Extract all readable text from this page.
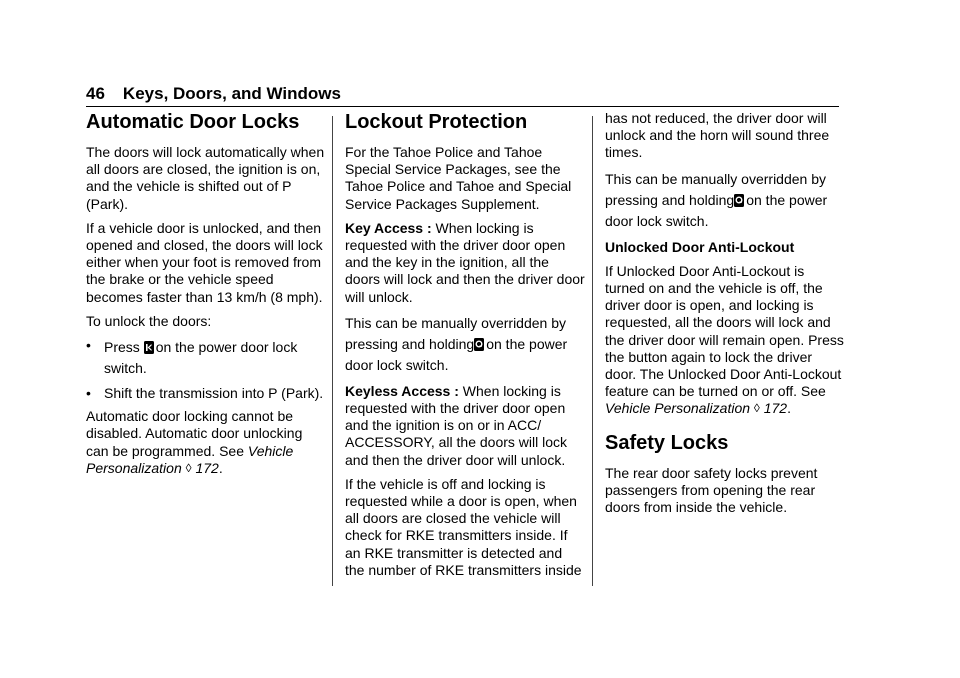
46 Keys, Doors, and Windows
Automatic Door Locks

The doors will lock automatically when all doors are closed, the ignition is on, and the vehicle is shifted out of P (Park).

If a vehicle door is unlocked, and then opened and closed, the doors will lock either when your foot is removed from the brake or the vehicle speed becomes faster than 13 km/h (8 mph).

To unlock the doors:

• Press on the power door lock switch.
• Shift the transmission into P (Park).

Automatic door locking cannot be disabled. Automatic door unlocking can be programmed. See Vehicle Personalization ◊ 172.

Lockout Protection

For the Tahoe Police and Tahoe Special Service Packages, see the Tahoe Police and Tahoe and Special Service Packages Supplement.

Key Access : When locking is requested with the driver door open and the key in the ignition, all the doors will lock and then the driver door will unlock.

This can be manually overridden by pressing and holding on the power door lock switch.

Keyless Access : When locking is requested with the driver door open and the ignition is on or in ACC/ ACCESSORY, all the doors will lock and then the driver door will unlock.

If the vehicle is off and locking is requested while a door is open, when all doors are closed the vehicle will check for RKE transmitters inside. If an RKE transmitter is detected and the number of RKE transmitters inside

has not reduced, the driver door will unlock and the horn will sound three times.

This can be manually overridden by pressing and holding on the power door lock switch.

Unlocked Door Anti-Lockout

If Unlocked Door Anti-Lockout is turned on and the vehicle is off, the driver door is open, and locking is requested, all the doors will lock and the driver door will remain open. Press the button again to lock the driver door. The Unlocked Door Anti-Lockout feature can be turned on or off. See Vehicle Personalization ◊ 172.

Safety Locks

The rear door safety locks prevent passengers from opening the rear doors from inside the vehicle.
